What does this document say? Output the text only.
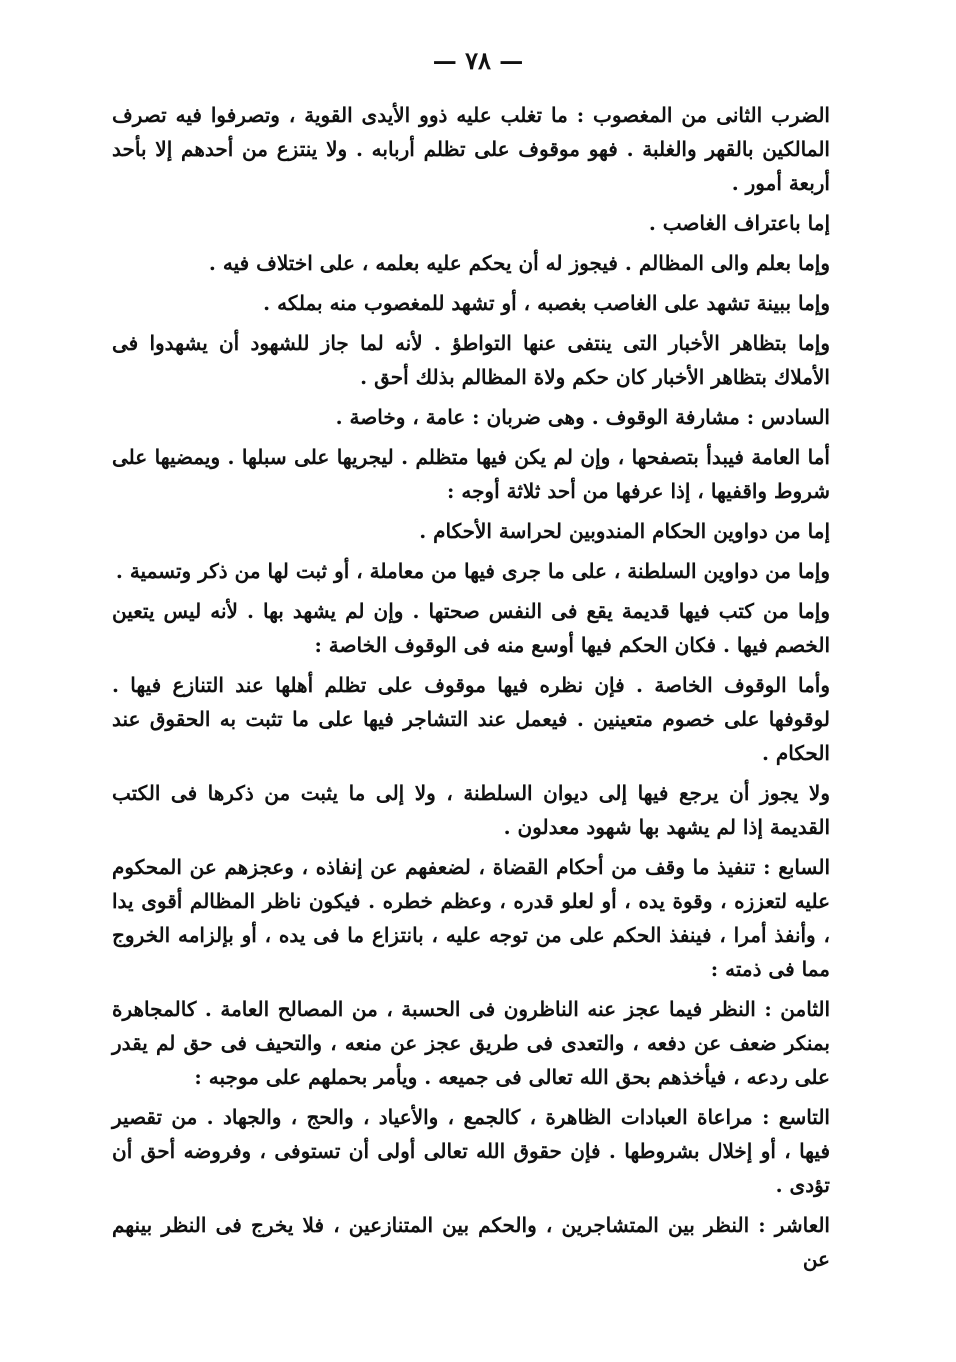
— ٧٨ —

الضرب الثانى من المغصوب : ما تغلب عليه ذوو الأيدى القوية ، وتصرفوا فيه تصرف المالكين بالقهر والغلبة . فهو موقوف على تظلم أربابه . ولا ينتزع من أحدهم إلا بأحد أربعة أمور .

إما باعتراف الغاصب .

وإما بعلم والى المظالم . فيجوز له أن يحكم عليه بعلمه ، على اختلاف فيه .

وإما ببينة تشهد على الغاصب بغصبه ، أو تشهد للمغصوب منه بملكه .

وإما بتظاهر الأخبار التى ينتفى عنها التواطؤ . لأنه لما جاز للشهود أن يشهدوا فى الأملاك بتظاهر الأخبار كان حكم ولاة المظالم بذلك أحق .

السادس : مشارفة الوقوف . وهى ضربان : عامة ، وخاصة .

أما العامة فيبدأ بتصفحها ، وإن لم يكن فيها متظلم . ليجريها على سبلها . ويمضيها على شروط واقفيها ، إذا عرفها من أحد ثلاثة أوجه :

إما من دواوين الحكام المندوبين لحراسة الأحكام .

وإما من دواوين السلطنة ، على ما جرى فيها من معاملة ، أو ثبت لها من ذكر وتسمية .

وإما من كتب فيها قديمة يقع فى النفس صحتها . وإن لم يشهد بها . لأنه ليس يتعين الخصم فيها . فكان الحكم فيها أوسع منه فى الوقوف الخاصة :

وأما الوقوف الخاصة . فإن نظره فيها موقوف على تظلم أهلها عند التنازع فيها . لوقوفها على خصوم متعينين . فيعمل عند التشاجر فيها على ما تثبت به الحقوق عند الحكام .

ولا يجوز أن يرجع فيها إلى ديوان السلطنة ، ولا إلى ما يثبت من ذكرها فى الكتب القديمة إذا لم يشهد بها شهود معدلون .

السابع : تنفيذ ما وقف من أحكام القضاة ، لضعفهم عن إنفاذه ، وعجزهم عن المحكوم عليه لتعززه ، وقوة يده ، أو لعلو قدره ، وعظم خطره . فيكون ناظر المظالم أقوى يدا ، وأنفذ أمرا ، فينفذ الحكم على من توجه عليه ، بانتزاع ما فى يده ، أو بإلزامه الخروج مما فى ذمته :

الثامن : النظر فيما عجز عنه الناظرون فى الحسبة ، من المصالح العامة . كالمجاهرة بمنكر ضعف عن دفعه ، والتعدى فى طريق عجز عن منعه ، والتحيف فى حق لم يقدر على ردعه ، فيأخذهم بحق الله تعالى فى جميعه . ويأمر بحملهم على موجبه :

التاسع : مراعاة العبادات الظاهرة ، كالجمع ، والأعياد ، والحج ، والجهاد . من تقصير فيها ، أو إخلال بشروطها . فإن حقوق الله تعالى أولى أن تستوفى ، وفروضه أحق أن تؤدى .

العاشر : النظر بين المتشاجرين ، والحكم بين المتنازعين ، فلا يخرج فى النظر بينهم عن
